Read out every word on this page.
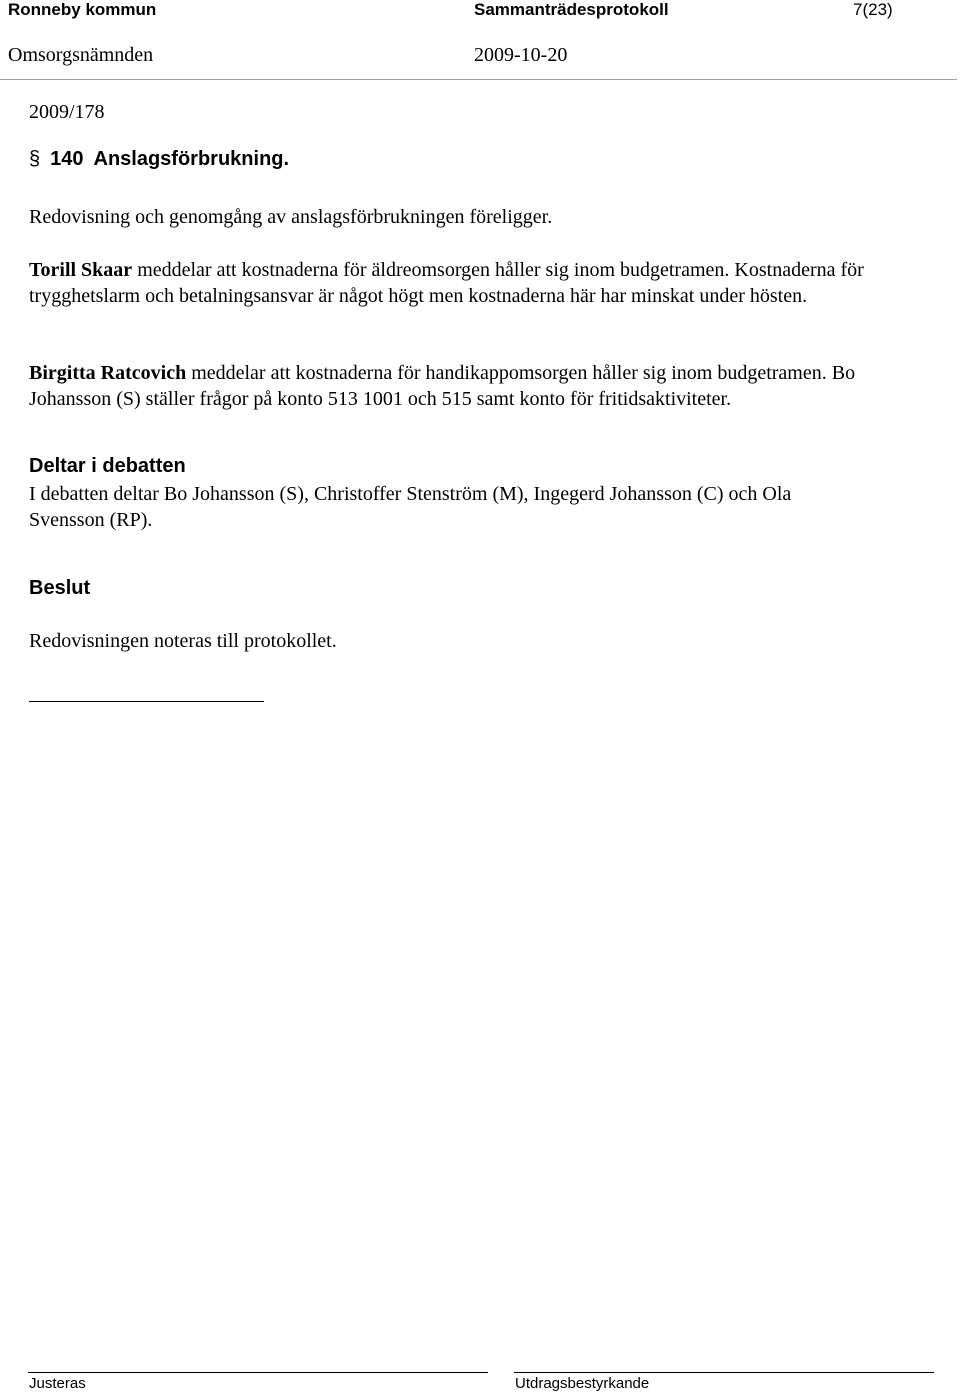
Ronneby kommun	Sammanträdesprotokoll	7(23)
Omsorgsnämnden	2009-10-20
2009/178
§ 140 Anslagsförbrukning.

Redovisning och genomgång av anslagsförbrukningen föreligger.

Torill Skaar meddelar att kostnaderna för äldreomsorgen håller sig inom budgetramen. Kostnaderna för trygghetslarm och betalningsansvar är något högt men kostnaderna här har minskat under hösten.

Birgitta Ratcovich meddelar att kostnaderna för handikappomsorgen håller sig inom budgetramen. Bo Johansson (S) ställer frågor på konto 513 1001 och 515 samt konto för fritidsaktiviteter.

Deltar i debatten

I debatten deltar Bo Johansson (S), Christoffer Stenström (M), Ingegerd Johansson (C) och Ola Svensson (RP).

Beslut

Redovisningen noteras till protokollet.

Justeras	Utdragsbestyrkande
